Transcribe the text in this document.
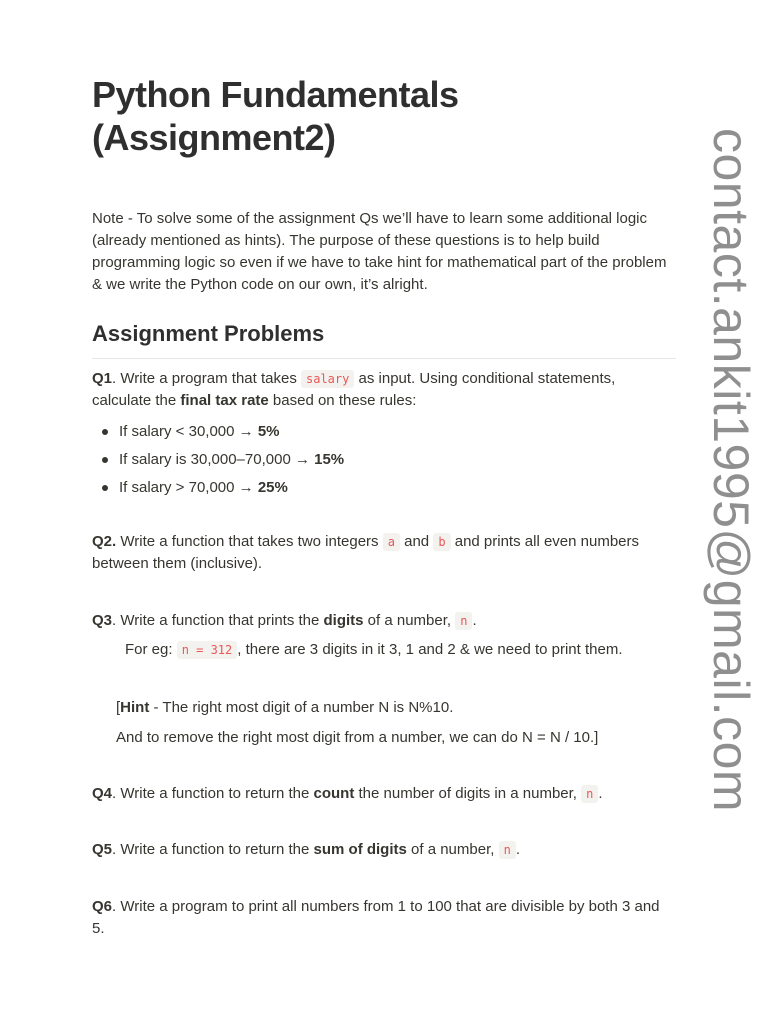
Python Fundamentals (Assignment2)

Note - To solve some of the assignment Qs we’ll have to learn some additional logic (already mentioned as hints). The purpose of these questions is to help build programming logic so even if we have to take hint for mathematical part of the problem & we write the Python code on our own, it’s alright.

Assignment Problems

Q1. Write a program that takes salary as input. Using conditional statements, calculate the final tax rate based on these rules:

If salary < 30,000 → 5%
If salary is 30,000–70,000 → 15%
If salary > 70,000 → 25%

Q2. Write a function that takes two integers a and b and prints all even numbers between them (inclusive).

Q3. Write a function that prints the digits of a number, n .

For eg: n = 312 , there are 3 digits in it 3, 1 and 2 & we need to print them.
[Hint - The right most digit of a number N is N%10.
And to remove the right most digit from a number, we can do N = N / 10.]

Q4. Write a function to return the count the number of digits in a number, n .

Q5. Write a function to return the sum of digits of a number, n .

Q6. Write a program to print all numbers from 1 to 100 that are divisible by both 3 and 5.

contact.ankit1995@gmail.com
